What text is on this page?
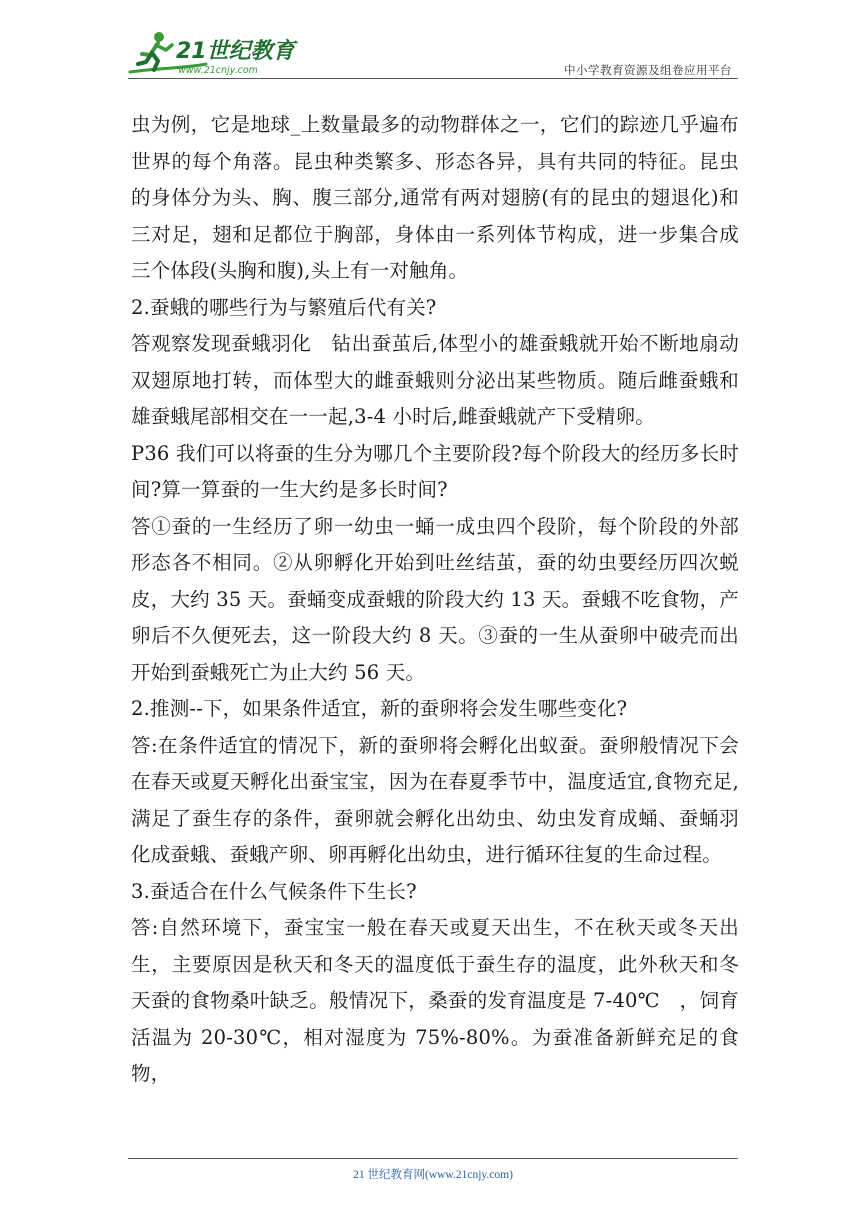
21世纪教育
www.21cnjy.com	中小学教育资源及组卷应用平台

虫为例，它是地球_上数量最多的动物群体之一，它们的踪迹几乎遍布世界的每个角落。昆虫种类繁多、形态各异，具有共同的特征。昆虫的身体分为头、胸、腹三部分,通常有两对翅膀(有的昆虫的翅退化)和三对足，翅和足都位于胸部，身体由一系列体节构成，进一步集合成三个体段(头胸和腹),头上有一对触角。

2.蚕蛾的哪些行为与繁殖后代有关?

答观察发现蚕蛾羽化　钻出蚕茧后,体型小的雄蚕蛾就开始不断地扇动双翅原地打转，而体型大的雌蚕蛾则分泌出某些物质。随后雌蚕蛾和雄蚕蛾尾部相交在一一起,3-4 小时后,雌蚕蛾就产下受精卵。

P36 我们可以将蚕的生分为哪几个主要阶段?每个阶段大的经历多长时间?算一算蚕的一生大约是多长时间?

答①蚕的一生经历了卵一幼虫一蛹一成虫四个段阶，每个阶段的外部形态各不相同。②从卵孵化开始到吐丝结茧，蚕的幼虫要经历四次蜕皮，大约 35 天。蚕蛹变成蚕蛾的阶段大约 13 天。蚕蛾不吃食物，产卵后不久便死去，这一阶段大约 8 天。③蚕的一生从蚕卵中破壳而出开始到蚕蛾死亡为止大约 56 天。

2.推测--下，如果条件适宜，新的蚕卵将会发生哪些变化?

答:在条件适宜的情况下，新的蚕卵将会孵化出蚁蚕。蚕卵般情况下会在春天或夏天孵化出蚕宝宝，因为在春夏季节中，温度适宜,食物充足,满足了蚕生存的条件，蚕卵就会孵化出幼虫、幼虫发育成蛹、蚕蛹羽化成蚕蛾、蚕蛾产卵、卵再孵化出幼虫，进行循环往复的生命过程。

3.蚕适合在什么气候条件下生长?

答:自然环境下，蚕宝宝一般在春天或夏天出生，不在秋天或冬天出生，主要原因是秋天和冬天的温度低于蚕生存的温度，此外秋天和冬天蚕的食物桑叶缺乏。般情况下，桑蚕的发育温度是 7-40℃　，饲育活温为 20-30℃，相对湿度为 75%-80%。为蚕准备新鲜充足的食物，

21 世纪教育网(www.21cnjy.com)
